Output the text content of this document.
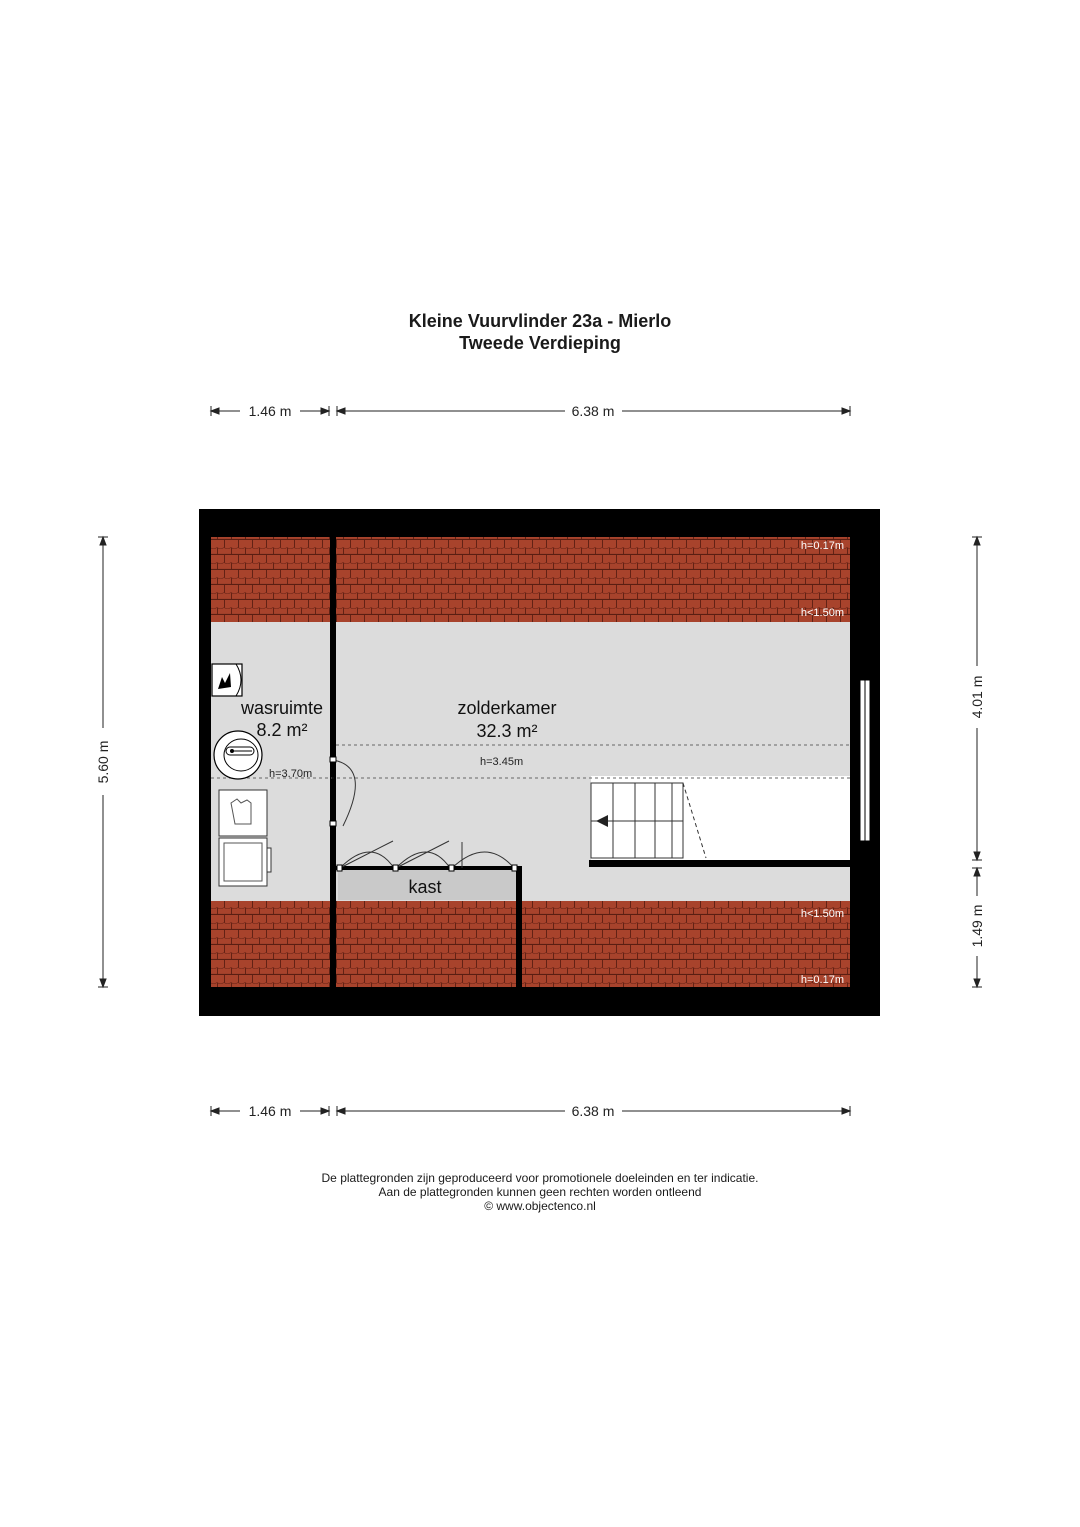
Kleine Vuurvlinder 23a - Mierlo
Tweede Verdieping
wasruimte
8.2 m²
h=3.70m
zolderkamer
32.3 m²
h=3.45m
kast
h=0.17m
h<1.50m
h<1.50m
h=0.17m
1.46 m	6.38 m
1.46 m	6.38 m
5.60 m
4.01 m
1.49 m
De plattegronden zijn geproduceerd voor promotionele doeleinden en ter indicatie.
Aan de plattegronden kunnen geen rechten worden ontleend
© www.objectenco.nl
